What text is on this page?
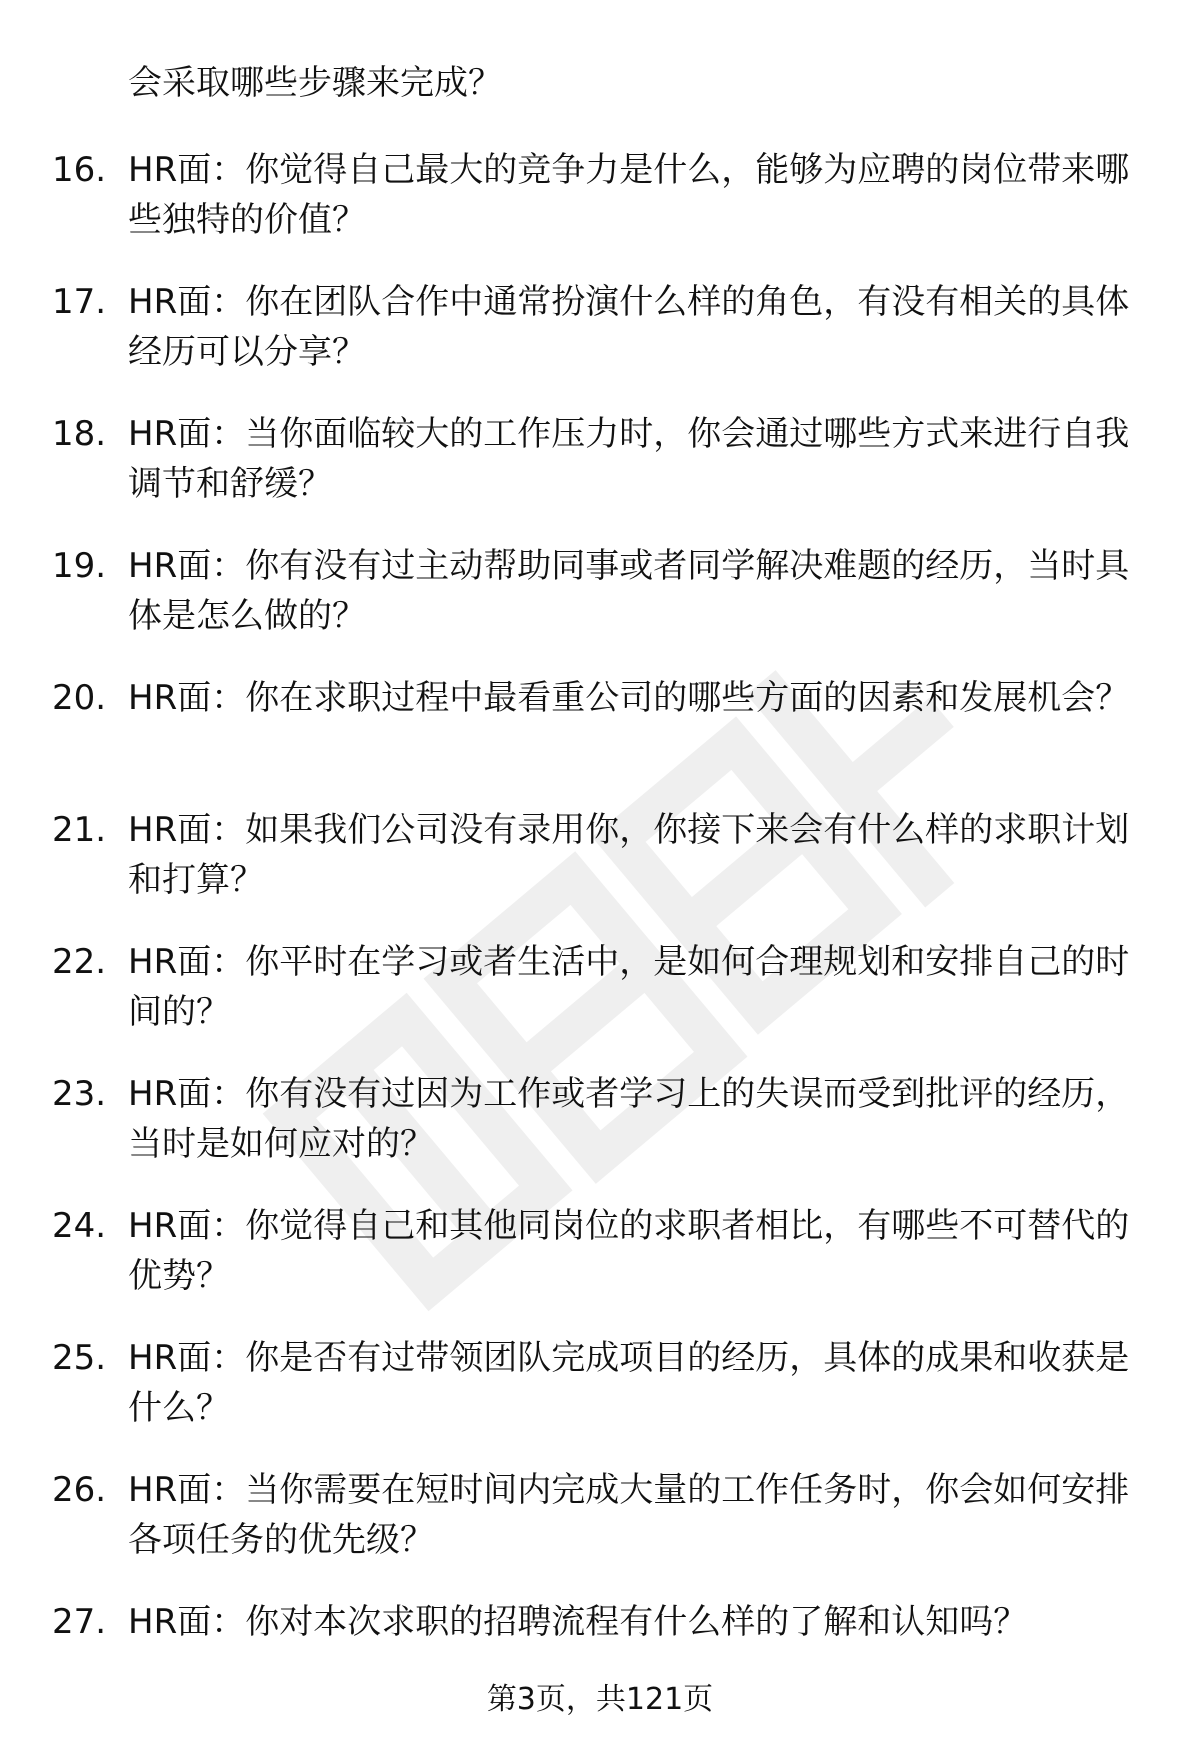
会采取哪些步骤来完成？
16. HR面：你觉得自己最大的竞争力是什么，能够为应聘的岗位带来哪些独特的价值？
17. HR面：你在团队合作中通常扮演什么样的角色，有没有相关的具体经历可以分享？
18. HR面：当你面临较大的工作压力时，你会通过哪些方式来进行自我调节和舒缓？
19. HR面：你有没有过主动帮助同事或者同学解决难题的经历，当时具体是怎么做的？
20. HR面：你在求职过程中最看重公司的哪些方面的因素和发展机会？
21. HR面：如果我们公司没有录用你，你接下来会有什么样的求职计划和打算？
22. HR面：你平时在学习或者生活中，是如何合理规划和安排自己的时间的？
23. HR面：你有没有过因为工作或者学习上的失误而受到批评的经历，当时是如何应对的？
24. HR面：你觉得自己和其他同岗位的求职者相比，有哪些不可替代的优势？
25. HR面：你是否有过带领团队完成项目的经历，具体的成果和收获是什么？
26. HR面：当你需要在短时间内完成大量的工作任务时，你会如何安排各项任务的优先级？
27. HR面：你对本次求职的招聘流程有什么样的了解和认知吗？
第3页，共121页
